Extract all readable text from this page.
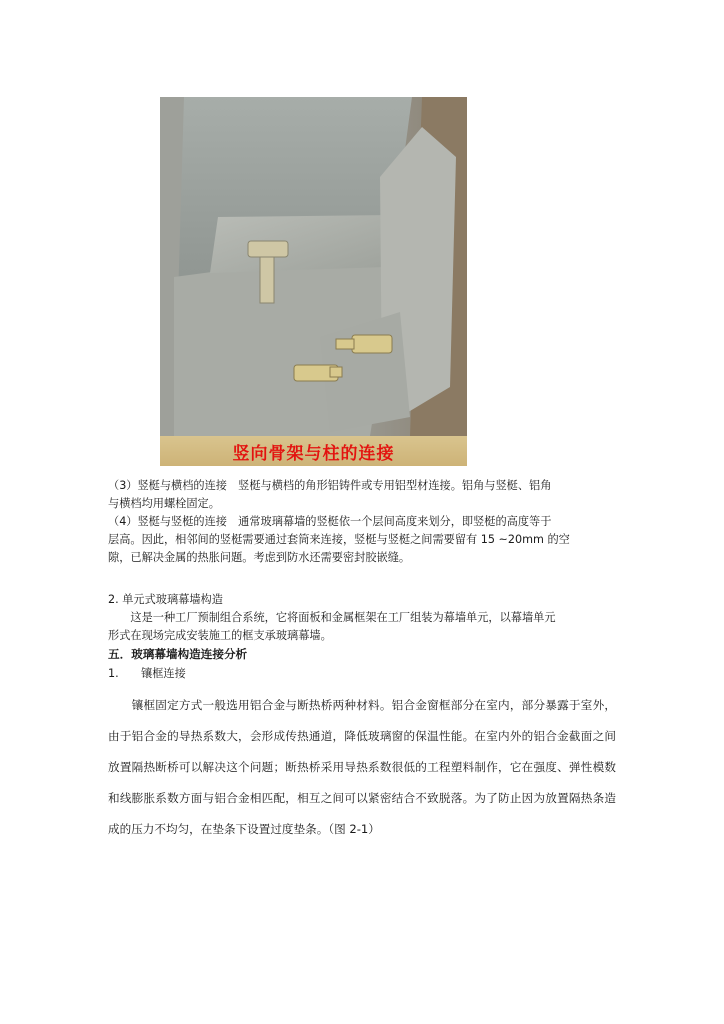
竖向骨架与柱的连接
（3）竖梃与横档的连接　竖梃与横档的角形铝铸件或专用铝型材连接。铝角与竖梃、铝角
与横档均用螺栓固定。
（4）竖梃与竖梃的连接　通常玻璃幕墙的竖梃依一个层间高度来划分，即竖梃的高度等于
层高。因此，相邻间的竖梃需要通过套筒来连接，竖梃与竖梃之间需要留有 15 ~20mm 的空
隙，已解决金属的热胀问题。考虑到防水还需要密封胶嵌缝。
2. 单元式玻璃幕墙构造
　　这是一种工厂预制组合系统，它将面板和金属框架在工厂组装为幕墙单元，以幕墙单元
形式在现场完成安装施工的框支承玻璃幕墙。
五．玻璃幕墙构造连接分析
1.　　镶框连接
　　镶框固定方式一般选用铝合金与断热桥两种材料。铝合金窗框部分在室内，部分暴露于室外，由于铝合金的导热系数大，会形成传热通道，降低玻璃窗的保温性能。在室内外的铝合金截面之间放置隔热断桥可以解决这个问题；断热桥采用导热系数很低的工程塑料制作，它在强度、弹性模数和线膨胀系数方面与铝合金相匹配，相互之间可以紧密结合不致脱落。为了防止因为放置隔热条造成的压力不均匀，在垫条下设置过度垫条。（图 2-1）
